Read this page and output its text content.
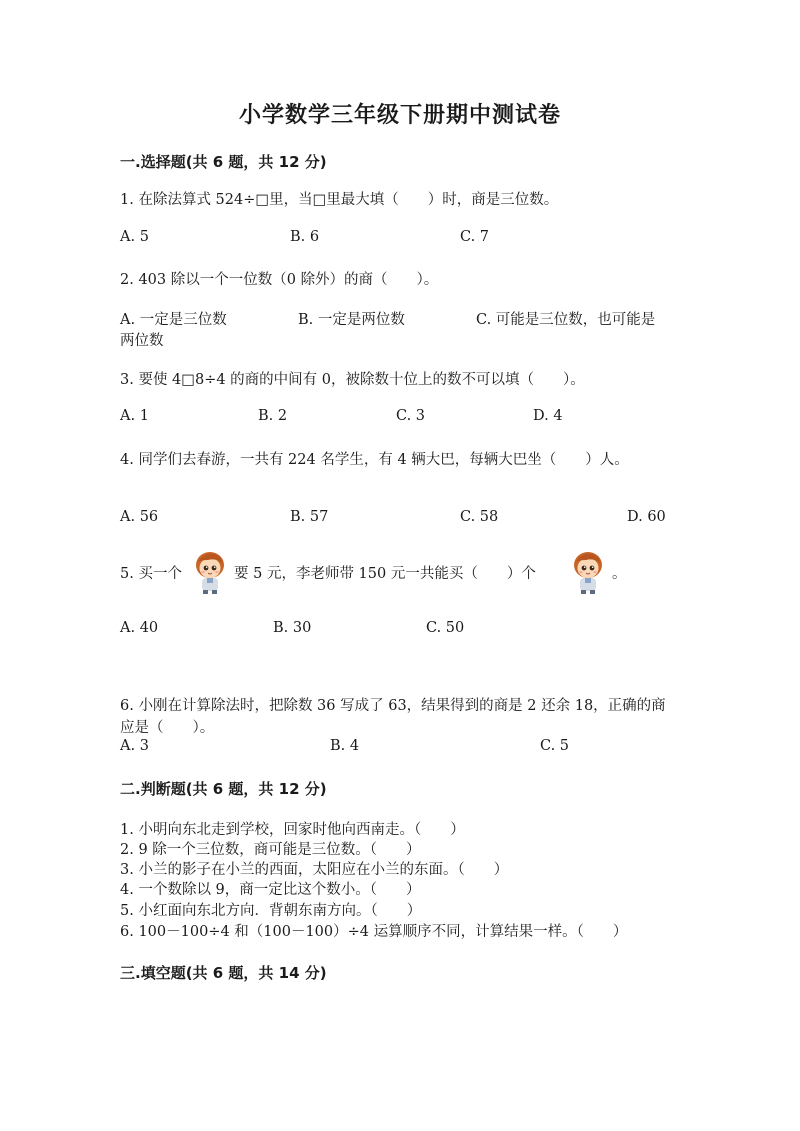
小学数学三年级下册期中测试卷
一.选择题(共 6 题，共 12 分)
1. 在除法算式 524÷□里，当□里最大填（　　）时，商是三位数。
A. 5	B. 6	C. 7
2. 403 除以一个一位数（0 除外）的商（　　）。
A. 一定是三位数	B. 一定是两位数	C. 可能是三位数，也可能是
两位数
3. 要使 4□8÷4 的商的中间有 0，被除数十位上的数不可以填（　　）。
A. 1	B. 2	C. 3	D. 4
4. 同学们去春游，一共有 224 名学生，有 4 辆大巴，每辆大巴坐（　　）人。
A. 56	B. 57	C. 58	D. 60
5. 买一个	要 5 元，李老师带 150 元一共能买（　　）个	。
A. 40	B. 30	C. 50
6. 小刚在计算除法时，把除数 36 写成了 63，结果得到的商是 2 还余 18，正确的商应是（　　）。
A. 3	B. 4	C. 5
二.判断题(共 6 题，共 12 分)
1. 小明向东北走到学校，回家时他向西南走。（　　）
2. 9 除一个三位数，商可能是三位数。（　　）
3. 小兰的影子在小兰的西面，太阳应在小兰的东面。（　　）
4. 一个数除以 9，商一定比这个数小。（　　）
5. 小红面向东北方向．背朝东南方向。（　　）
6. 100－100÷4 和（100－100）÷4 运算顺序不同，计算结果一样。（　　）
三.填空题(共 6 题，共 14 分)
